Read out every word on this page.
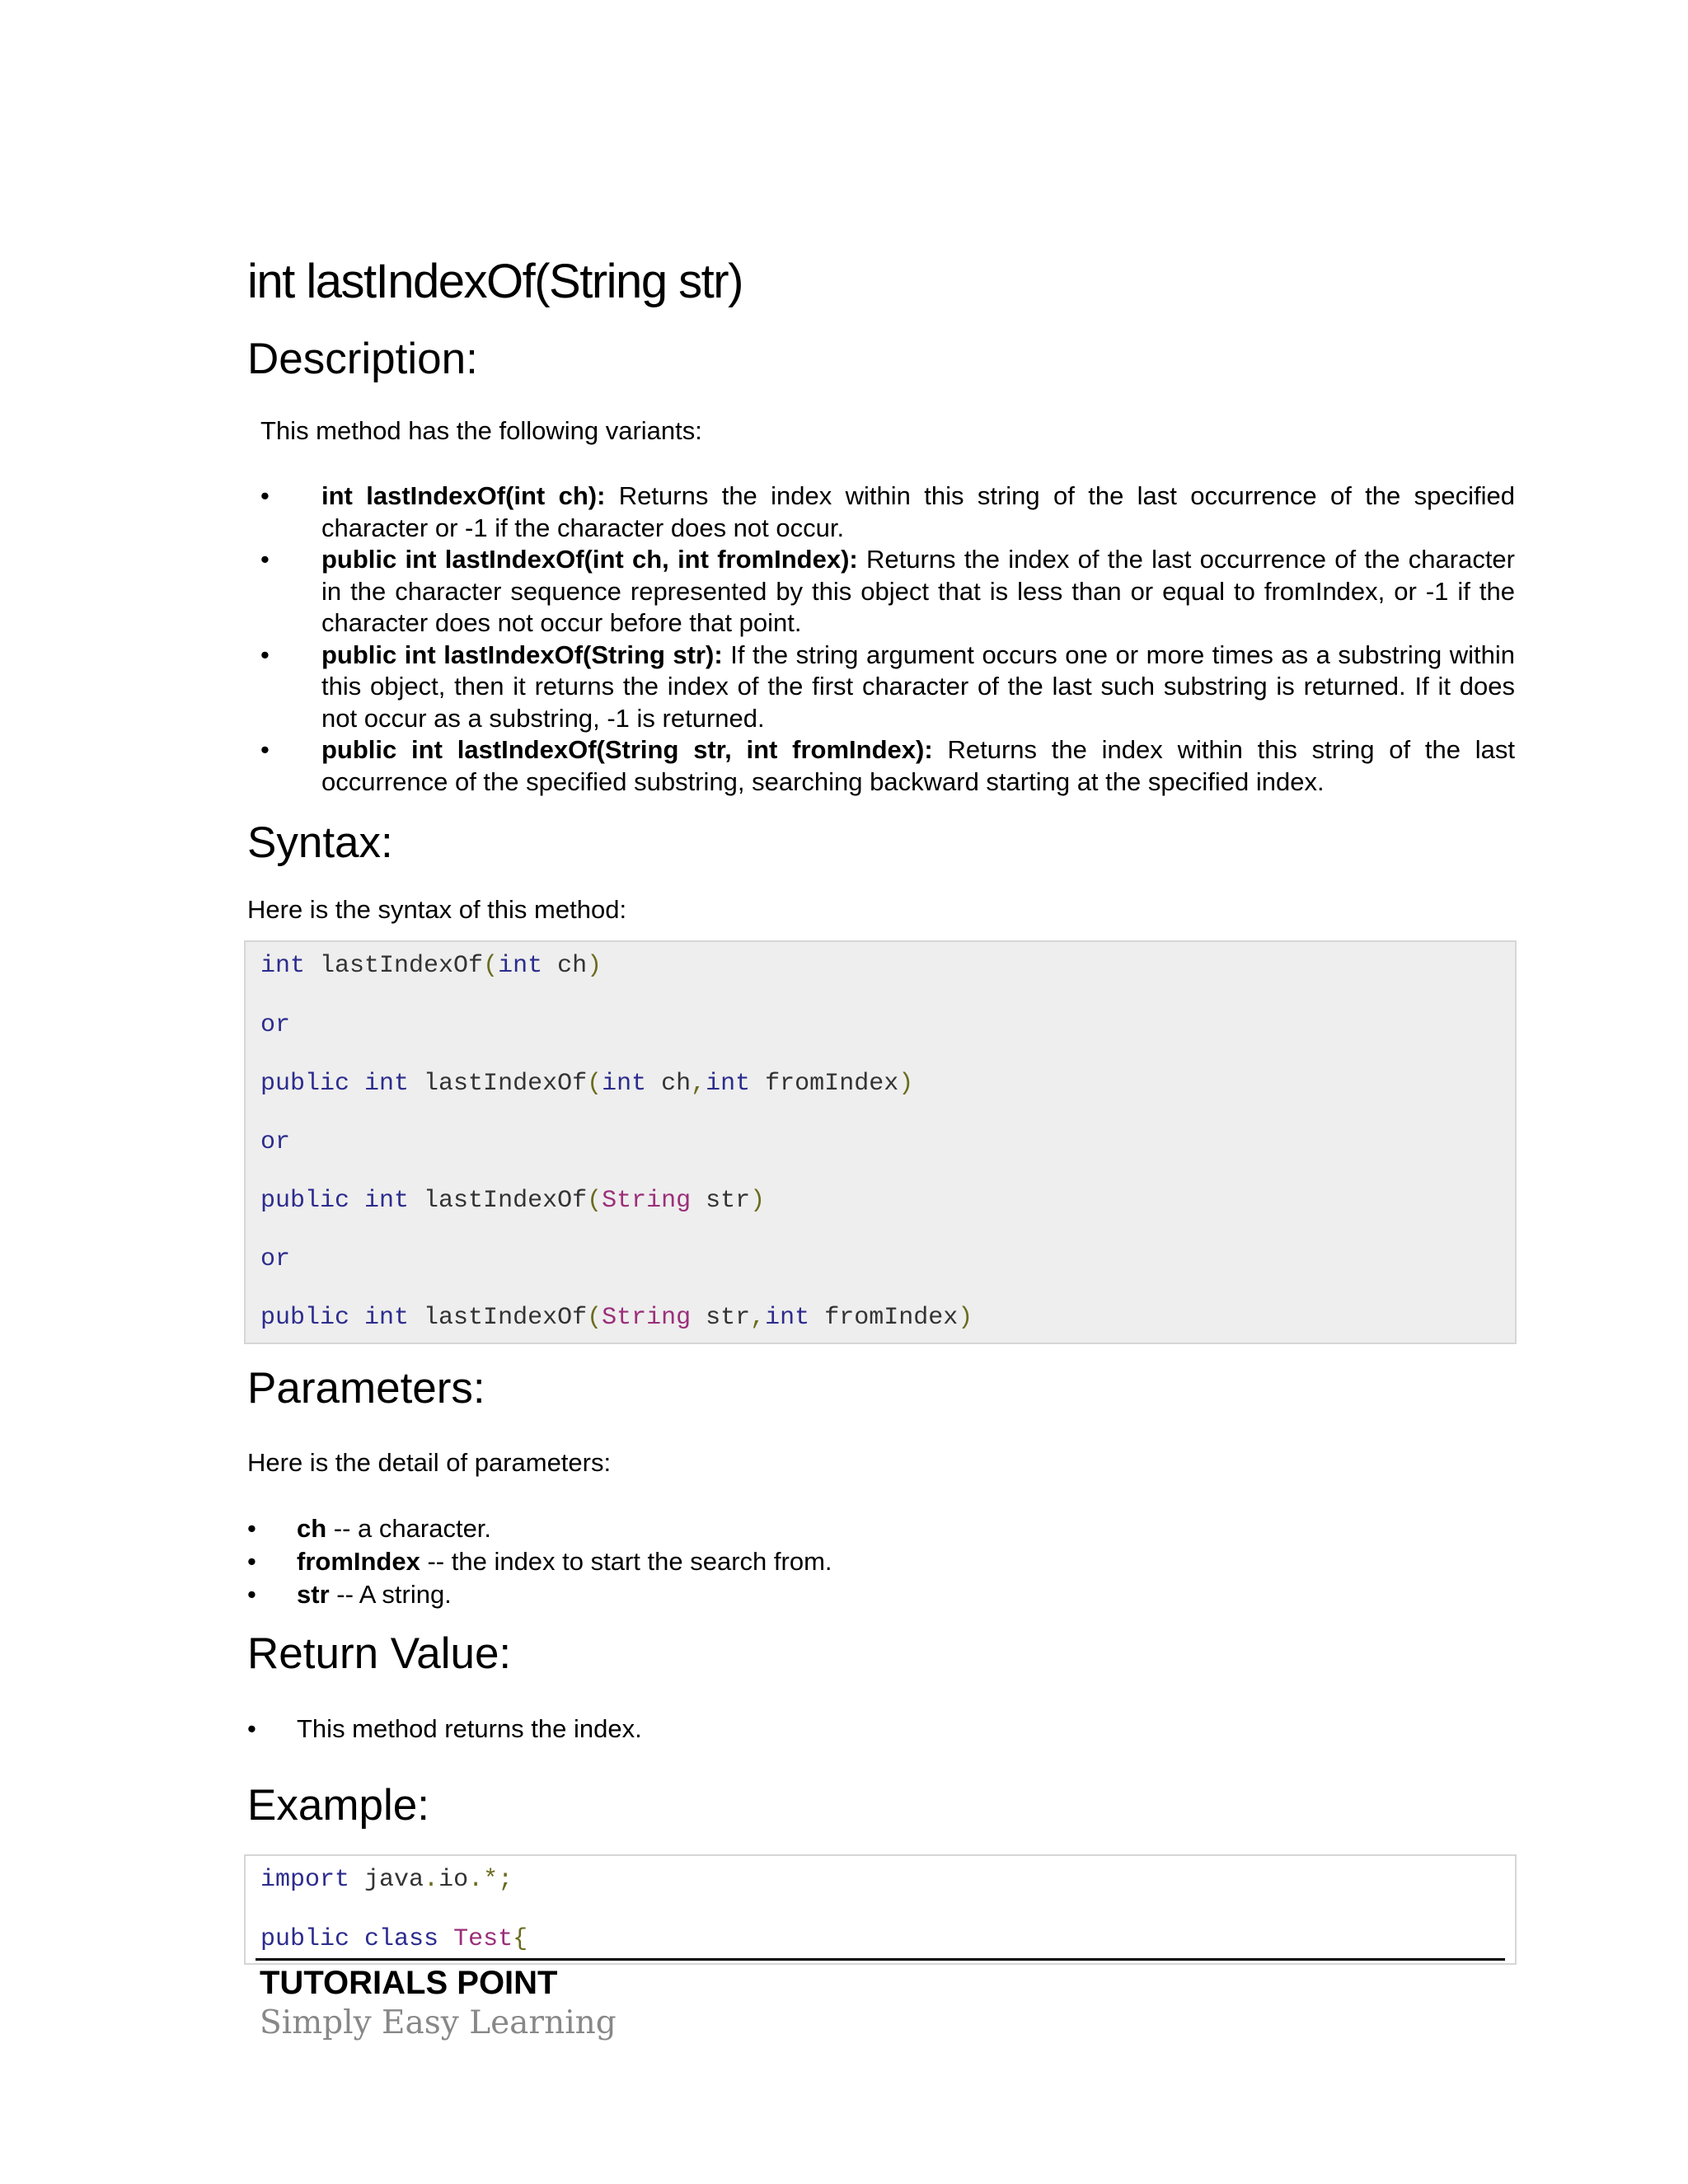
int lastIndexOf(String str)
Description:
This method has the following variants:
• int lastIndexOf(int ch): Returns the index within this string of the last occurrence of the specified character or -1 if the character does not occur.
• public int lastIndexOf(int ch, int fromIndex): Returns the index of the last occurrence of the character in the character sequence represented by this object that is less than or equal to fromIndex, or -1 if the character does not occur before that point.
• public int lastIndexOf(String str): If the string argument occurs one or more times as a substring within this object, then it returns the index of the first character of the last such substring is returned. If it does not occur as a substring, -1 is returned.
• public int lastIndexOf(String str, int fromIndex): Returns the index within this string of the last occurrence of the specified substring, searching backward starting at the specified index.
Syntax:
Here is the syntax of this method:
int lastIndexOf(int ch)
or
public int lastIndexOf(int ch,int fromIndex)
or
public int lastIndexOf(String str)
or
public int lastIndexOf(String str,int fromIndex)
Parameters:
Here is the detail of parameters:
• ch -- a character.
• fromIndex -- the index to start the search from.
• str -- A string.
Return Value:
• This method returns the index.
Example:
import java.io.*;
public class Test{
TUTORIALS POINT
Simply Easy Learning
